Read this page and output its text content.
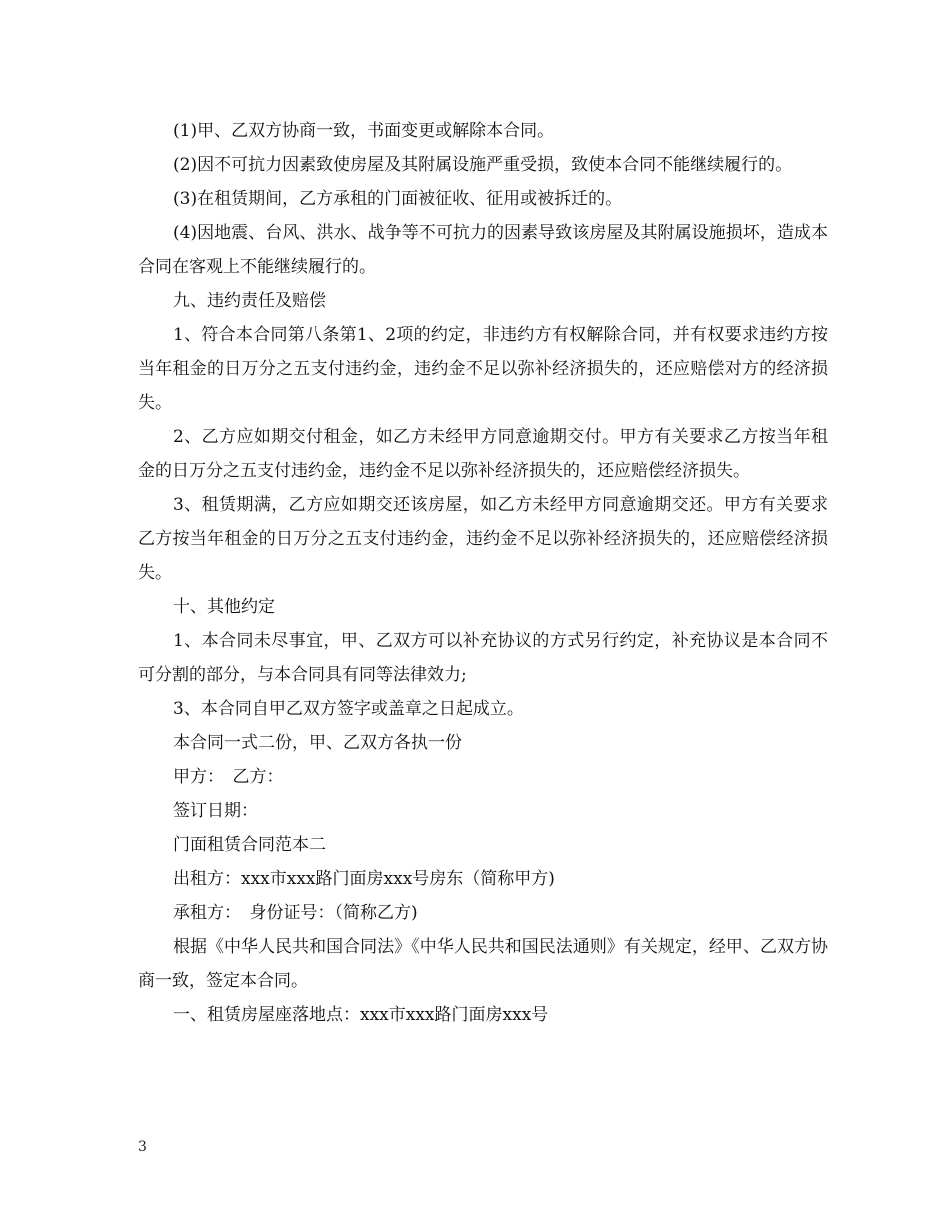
(1)甲、乙双方协商一致，书面变更或解除本合同。

(2)因不可抗力因素致使房屋及其附属设施严重受损，致使本合同不能继续履行的。

(3)在租赁期间，乙方承租的门面被征收、征用或被拆迁的。

(4)因地震、台风、洪水、战争等不可抗力的因素导致该房屋及其附属设施损坏，造成本合同在客观上不能继续履行的。

九、违约责任及赔偿

1、符合本合同第八条第1、2项的约定，非违约方有权解除合同，并有权要求违约方按当年租金的日万分之五支付违约金，违约金不足以弥补经济损失的，还应赔偿对方的经济损失。

2、乙方应如期交付租金，如乙方未经甲方同意逾期交付。甲方有关要求乙方按当年租金的日万分之五支付违约金，违约金不足以弥补经济损失的，还应赔偿经济损失。

3、租赁期满，乙方应如期交还该房屋，如乙方未经甲方同意逾期交还。甲方有关要求乙方按当年租金的日万分之五支付违约金，违约金不足以弥补经济损失的，还应赔偿经济损失。

十、其他约定

1、本合同未尽事宜，甲、乙双方可以补充协议的方式另行约定，补充协议是本合同不可分割的部分，与本合同具有同等法律效力;

3、本合同自甲乙双方签字或盖章之日起成立。

本合同一式二份，甲、乙双方各执一份

甲方：　乙方：

签订日期：

门面租赁合同范本二

出租方：xxx市xxx路门面房xxx号房东（简称甲方)

承租方：　身份证号：（简称乙方)

根据《中华人民共和国合同法》《中华人民共和国民法通则》有关规定，经甲、乙双方协商一致，签定本合同。

一、租赁房屋座落地点：xxx市xxx路门面房xxx号

3
